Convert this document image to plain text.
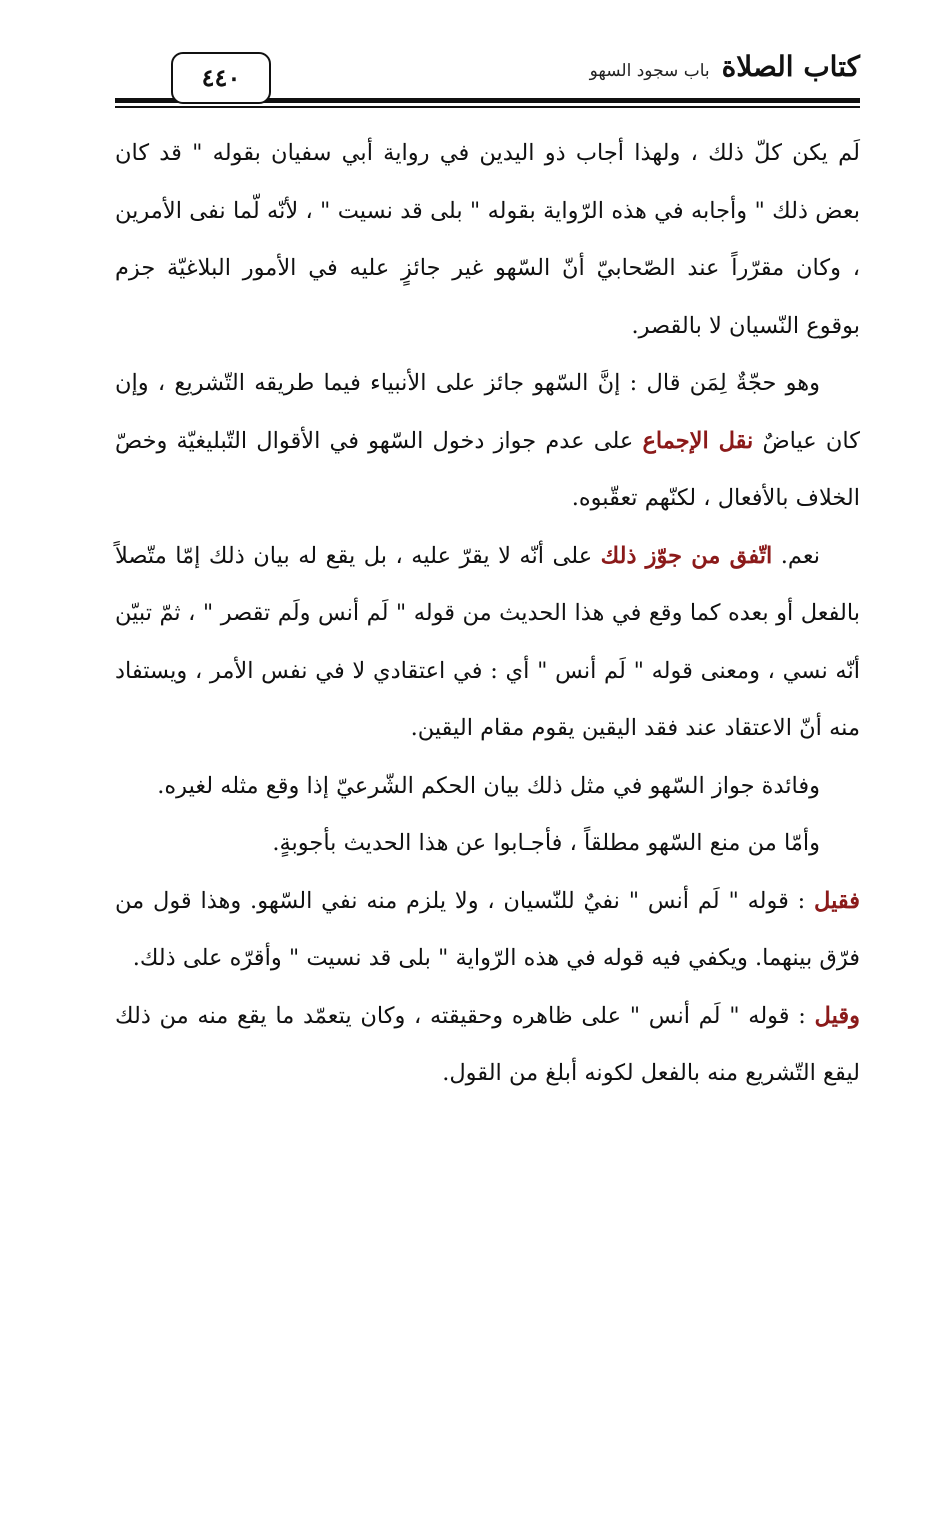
٤٤٠	كتاب الصلاةباب سجود السهو

لَم يكن كلّ ذلك ، ولهذا أجاب ذو اليدين في رواية أبي سفيان بقوله " قد كان بعض ذلك " وأجابه في هذه الرّواية بقوله " بلى قد نسيت " ، لأنّه لّما نفى الأمرين ، وكان مقرّراً عند الصّحابيّ أنّ السّهو غير جائزٍ عليه في الأمور البلاغيّة جزم بوقوع النّسيان لا بالقصر.

وهو حجّةٌ لِمَن قال : إنَّ السّهو جائز على الأنبياء فيما طريقه التّشريع ، وإن كان عياضٌ نقل الإجماع على عدم جواز دخول السّهو في الأقوال التّبليغيّة وخصّ الخلاف بالأفعال ، لكنّهم تعقّبوه.

نعم. اتّفق من جوّز ذلك على أنّه لا يقرّ عليه ، بل يقع له بيان ذلك إمّا متّصلاً بالفعل أو بعده كما وقع في هذا الحديث من قوله " لَم أنس ولَم تقصر " ، ثمّ تبيّن أنّه نسي ، ومعنى قوله " لَم أنس " أي : في اعتقادي لا في نفس الأمر ، ويستفاد منه أنّ الاعتقاد عند فقد اليقين يقوم مقام اليقين.

وفائدة جواز السّهو في مثل ذلك بيان الحكم الشّرعيّ إذا وقع مثله لغيره.

وأمّا من منع السّهو مطلقاً ، فأجـابوا عن هذا الحديث بأجوبةٍ.

فقيل : قوله " لَم أنس " نفيٌ للنّسيان ، ولا يلزم منه نفي السّهو. وهذا قول من فرّق بينهما. ويكفي فيه قوله في هذه الرّواية " بلى قد نسيت " وأقرّه على ذلك.

وقيل : قوله " لَم أنس " على ظاهره وحقيقته ، وكان يتعمّد ما يقع منه من ذلك ليقع التّشريع منه بالفعل لكونه أبلغ من القول.
